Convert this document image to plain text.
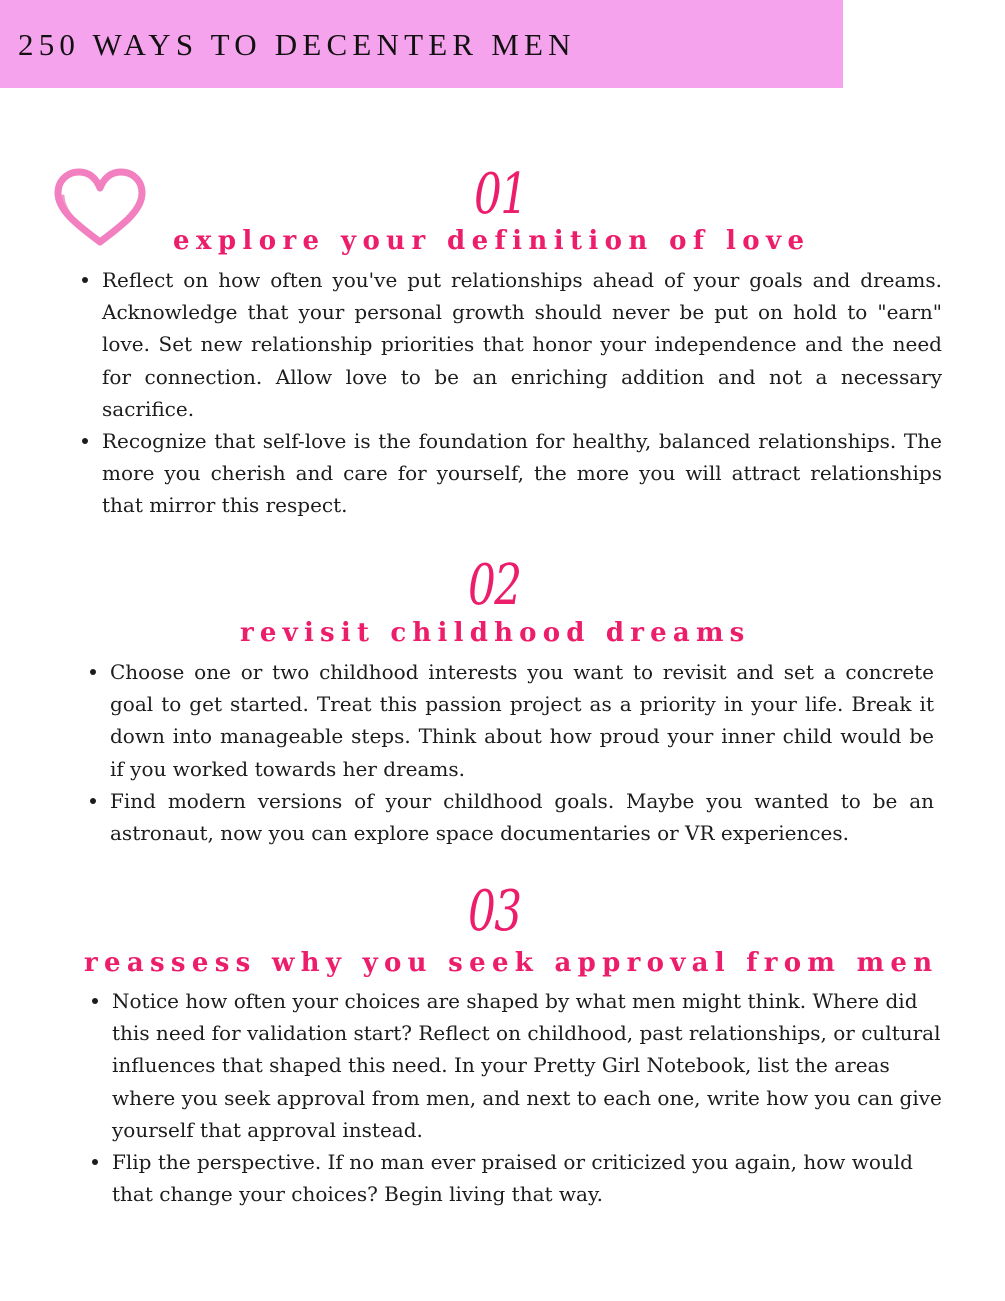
250 WAYS TO DECENTER MEN
01
explore your definition of love
Reflect on how often you've put relationships ahead of your goals and dreams. Acknowledge that your personal growth should never be put on hold to "earn" love. Set new relationship priorities that honor your independence and the need for connection. Allow love to be an enriching addition and not a necessary sacrifice.
Recognize that self-love is the foundation for healthy, balanced relationships. The more you cherish and care for yourself, the more you will attract relationships that mirror this respect.
02
revisit childhood dreams
Choose one or two childhood interests you want to revisit and set a concrete goal to get started. Treat this passion project as a priority in your life. Break it down into manageable steps. Think about how proud your inner child would be if you worked towards her dreams.
Find modern versions of your childhood goals. Maybe you wanted to be an astronaut, now you can explore space documentaries or VR experiences.
03
reassess why you seek approval from men
Notice how often your choices are shaped by what men might think. Where did this need for validation start? Reflect on childhood, past relationships, or cultural influences that shaped this need. In your Pretty Girl Notebook, list the areas where you seek approval from men, and next to each one, write how you can give yourself that approval instead.
Flip the perspective. If no man ever praised or criticized you again, how would that change your choices? Begin living that way.
